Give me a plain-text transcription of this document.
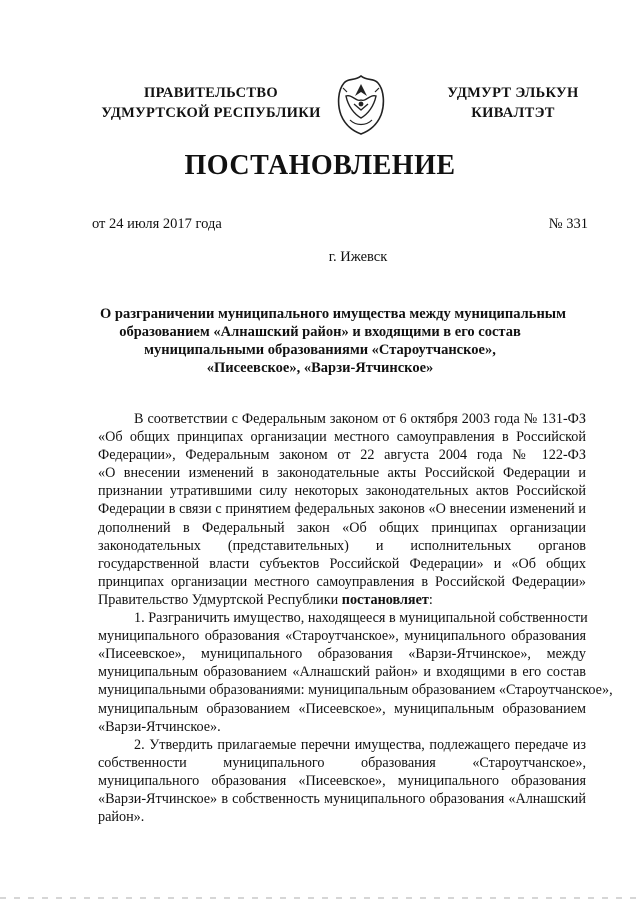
ПРАВИТЕЛЬСТВО
УДМУРТСКОЙ РЕСПУБЛИКИ
УДМУРТ ЭЛЬКУН
КИВАЛТЭТ
ПОСТАНОВЛЕНИЕ
от 24 июля 2017 года	№ 331
г. Ижевск
О разграничении муниципального имущества между муниципальным
образованием «Алнашский район» и входящими в его состав
муниципальными образованиями «Староутчанское»,
«Писеевское», «Варзи-Ятчинское»
В соответствии с Федеральным законом от 6 октября 2003 года № 131-ФЗ
«Об общих принципах организации местного самоуправления в Российской
Федерации», Федеральным законом от 22 августа 2004 года № 122-ФЗ
«О внесении изменений в законодательные акты Российской Федерации и
признании утратившими силу некоторых законодательных актов Российской
Федерации в связи с принятием федеральных законов «О внесении изменений и
дополнений в Федеральный закон «Об общих принципах организации
законодательных (представительных) и исполнительных органов
государственной власти субъектов Российской Федерации» и «Об общих
принципах организации местного самоуправления в Российской Федерации»
Правительство Удмуртской Республики постановляет:
1. Разграничить имущество, находящееся в муниципальной собственности
муниципального образования «Староутчанское», муниципального образования
«Писеевское», муниципального образования «Варзи-Ятчинское», между
муниципальным образованием «Алнашский район» и входящими в его состав
муниципальными образованиями: муниципальным образованием «Староутчанское»,
муниципальным образованием «Писеевское», муниципальным образованием
«Варзи-Ятчинское».
2. Утвердить прилагаемые перечни имущества, подлежащего передаче из
собственности муниципального образования «Староутчанское»,
муниципального образования «Писеевское», муниципального образования
«Варзи-Ятчинское» в собственность муниципального образования «Алнашский
район».
